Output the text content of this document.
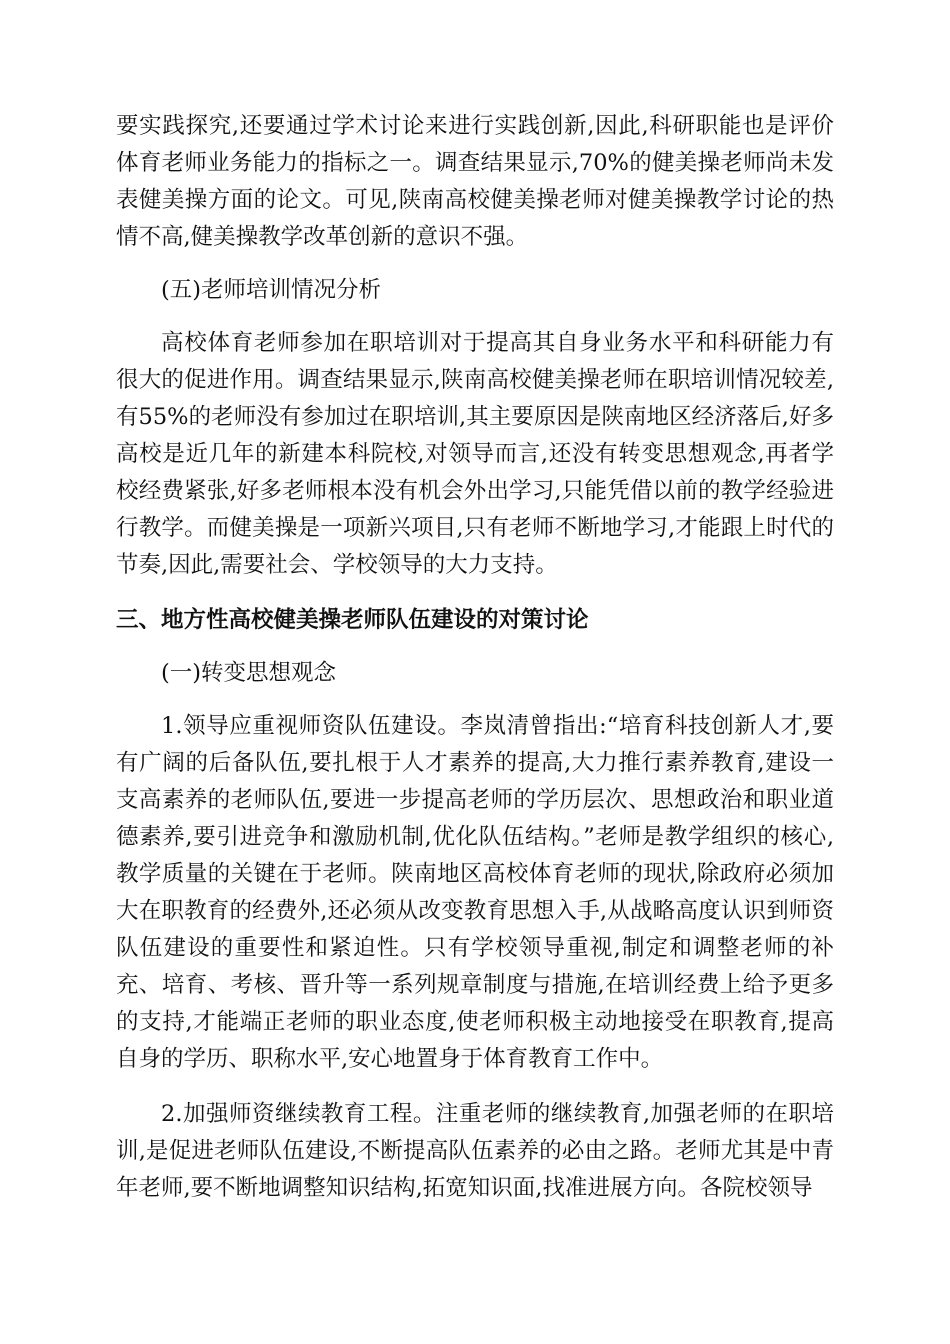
要实践探究,还要通过学术讨论来进行实践创新,因此,科研职能也是评价体育老师业务能力的指标之一。调查结果显示,70%的健美操老师尚未发表健美操方面的论文。可见,陕南高校健美操老师对健美操教学讨论的热情不高,健美操教学改革创新的意识不强。

(五)老师培训情况分析

高校体育老师参加在职培训对于提高其自身业务水平和科研能力有很大的促进作用。调查结果显示,陕南高校健美操老师在职培训情况较差,有55%的老师没有参加过在职培训,其主要原因是陕南地区经济落后,好多高校是近几年的新建本科院校,对领导而言,还没有转变思想观念,再者学校经费紧张,好多老师根本没有机会外出学习,只能凭借以前的教学经验进行教学。而健美操是一项新兴项目,只有老师不断地学习,才能跟上时代的节奏,因此,需要社会、学校领导的大力支持。

三、地方性高校健美操老师队伍建设的对策讨论

(一)转变思想观念

1.领导应重视师资队伍建设。李岚清曾指出:“培育科技创新人才,要有广阔的后备队伍,要扎根于人才素养的提高,大力推行素养教育,建设一支高素养的老师队伍,要进一步提高老师的学历层次、思想政治和职业道德素养,要引进竞争和激励机制,优化队伍结构。”老师是教学组织的核心,教学质量的关键在于老师。陕南地区高校体育老师的现状,除政府必须加大在职教育的经费外,还必须从改变教育思想入手,从战略高度认识到师资队伍建设的重要性和紧迫性。只有学校领导重视,制定和调整老师的补充、培育、考核、晋升等一系列规章制度与措施,在培训经费上给予更多的支持,才能端正老师的职业态度,使老师积极主动地接受在职教育,提高自身的学历、职称水平,安心地置身于体育教育工作中。

2.加强师资继续教育工程。注重老师的继续教育,加强老师的在职培训,是促进老师队伍建设,不断提高队伍素养的必由之路。老师尤其是中青年老师,要不断地调整知识结构,拓宽知识面,找准进展方向。各院校领导
